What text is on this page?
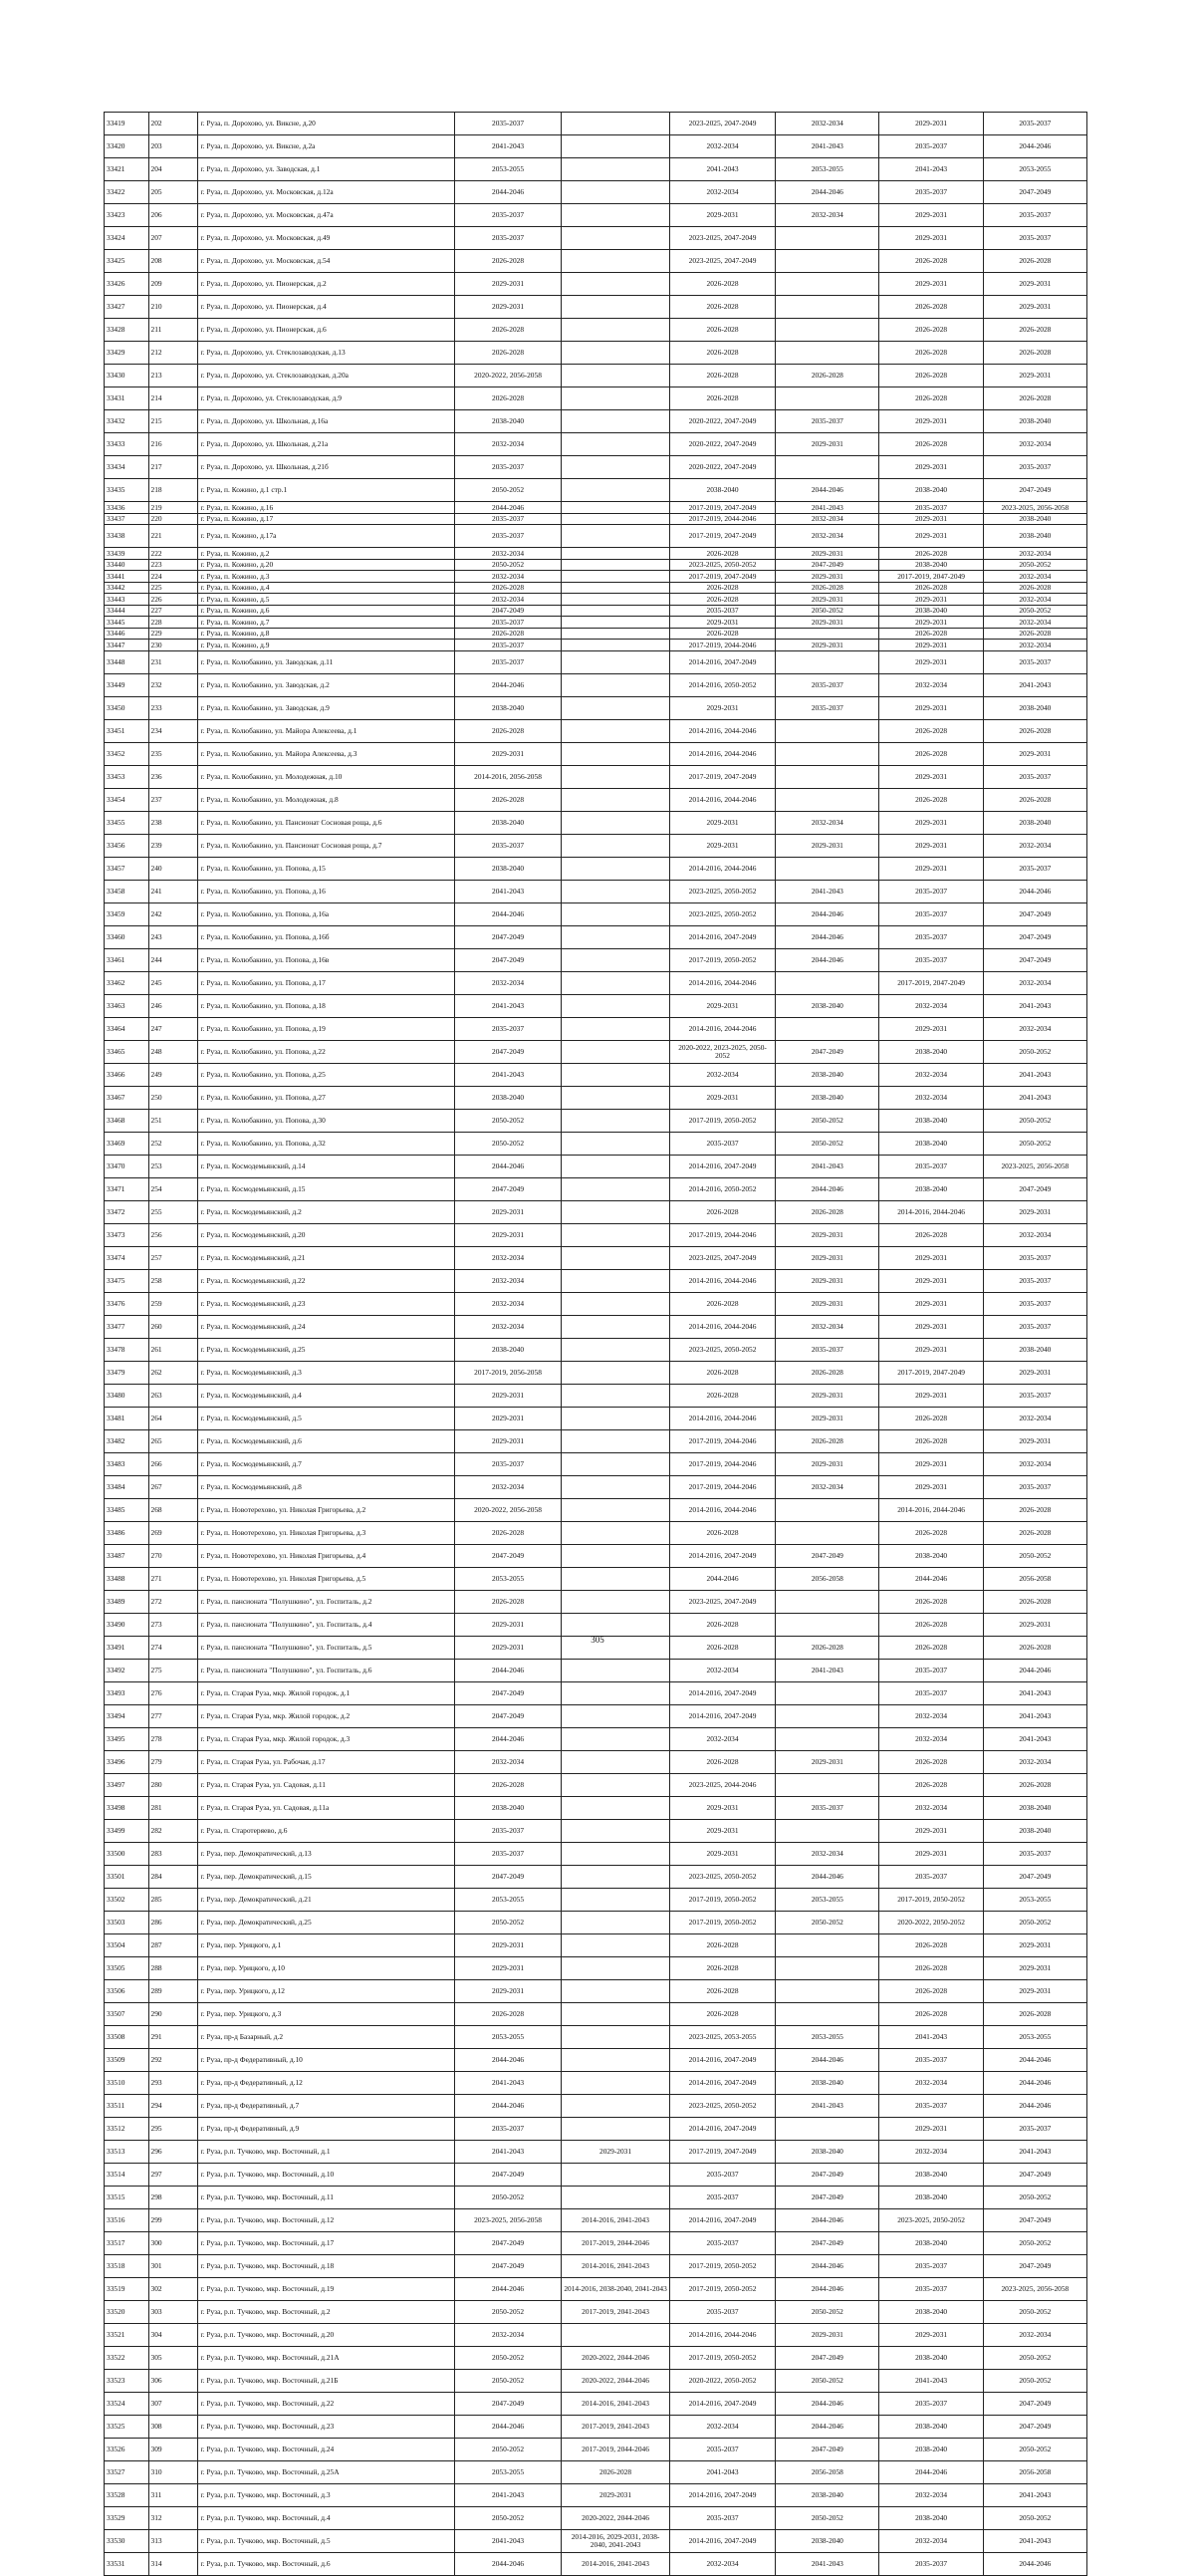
33419	202	г. Руза, п. Дорохово, ул. Виксне, д.20	2035-2037		2023-2025, 2047-2049	2032-2034	2029-2031	2035-2037
33420	203	г. Руза, п. Дорохово, ул. Виксне, д.2а	2041-2043		2032-2034	2041-2043	2035-2037	2044-2046
33421	204	г. Руза, п. Дорохово, ул. Заводская, д.1	2053-2055		2041-2043	2053-2055	2041-2043	2053-2055
33422	205	г. Руза, п. Дорохово, ул. Московская, д.12а	2044-2046		2032-2034	2044-2046	2035-2037	2047-2049
33423	206	г. Руза, п. Дорохово, ул. Московская, д.47а	2035-2037		2029-2031	2032-2034	2029-2031	2035-2037
33424	207	г. Руза, п. Дорохово, ул. Московская, д.49	2035-2037		2023-2025, 2047-2049		2029-2031	2035-2037
33425	208	г. Руза, п. Дорохово, ул. Московская, д.54	2026-2028		2023-2025, 2047-2049		2026-2028	2026-2028
33426	209	г. Руза, п. Дорохово, ул. Пионерская, д.2	2029-2031		2026-2028		2029-2031	2029-2031
33427	210	г. Руза, п. Дорохово, ул. Пионерская, д.4	2029-2031		2026-2028		2026-2028	2029-2031
33428	211	г. Руза, п. Дорохово, ул. Пионерская, д.6	2026-2028		2026-2028		2026-2028	2026-2028
33429	212	г. Руза, п. Дорохово, ул. Стеклозаводская, д.13	2026-2028		2026-2028		2026-2028	2026-2028
33430	213	г. Руза, п. Дорохово, ул. Стеклозаводская, д.20а	2020-2022, 2056-2058		2026-2028	2026-2028	2026-2028	2029-2031
33431	214	г. Руза, п. Дорохово, ул. Стеклозаводская, д.9	2026-2028		2026-2028		2026-2028	2026-2028
33432	215	г. Руза, п. Дорохово, ул. Школьная, д.16а	2038-2040		2020-2022, 2047-2049	2035-2037	2029-2031	2038-2040
33433	216	г. Руза, п. Дорохово, ул. Школьная, д.21а	2032-2034		2020-2022, 2047-2049	2029-2031	2026-2028	2032-2034
33434	217	г. Руза, п. Дорохово, ул. Школьная, д.21б	2035-2037		2020-2022, 2047-2049		2029-2031	2035-2037
33435	218	г. Руза, п. Кожино, д.1 стр.1	2050-2052		2038-2040	2044-2046	2038-2040	2047-2049
33436	219	г. Руза, п. Кожино, д.16	2044-2046		2017-2019, 2047-2049	2041-2043	2035-2037	2023-2025, 2056-2058
33437	220	г. Руза, п. Кожино, д.17	2035-2037		2017-2019, 2044-2046	2032-2034	2029-2031	2038-2040
33438	221	г. Руза, п. Кожино, д.17а	2035-2037		2017-2019, 2047-2049	2032-2034	2029-2031	2038-2040
33439	222	г. Руза, п. Кожино, д.2	2032-2034		2026-2028	2029-2031	2026-2028	2032-2034
33440	223	г. Руза, п. Кожино, д.20	2050-2052		2023-2025, 2050-2052	2047-2049	2038-2040	2050-2052
33441	224	г. Руза, п. Кожино, д.3	2032-2034		2017-2019, 2047-2049	2029-2031	2017-2019, 2047-2049	2032-2034
33442	225	г. Руза, п. Кожино, д.4	2026-2028		2026-2028	2026-2028	2026-2028	2026-2028
33443	226	г. Руза, п. Кожино, д.5	2032-2034		2026-2028	2029-2031	2029-2031	2032-2034
33444	227	г. Руза, п. Кожино, д.6	2047-2049		2035-2037	2050-2052	2038-2040	2050-2052
33445	228	г. Руза, п. Кожино, д.7	2035-2037		2029-2031	2029-2031	2029-2031	2032-2034
33446	229	г. Руза, п. Кожино, д.8	2026-2028		2026-2028		2026-2028	2026-2028
33447	230	г. Руза, п. Кожино, д.9	2035-2037		2017-2019, 2044-2046	2029-2031	2029-2031	2032-2034
33448	231	г. Руза, п. Колюбакино, ул. Заводская, д.11	2035-2037		2014-2016, 2047-2049		2029-2031	2035-2037
33449	232	г. Руза, п. Колюбакино, ул. Заводская, д.2	2044-2046		2014-2016, 2050-2052	2035-2037	2032-2034	2041-2043
33450	233	г. Руза, п. Колюбакино, ул. Заводская, д.9	2038-2040		2029-2031	2035-2037	2029-2031	2038-2040
33451	234	г. Руза, п. Колюбакино, ул. Майора Алексеева, д.1	2026-2028		2014-2016, 2044-2046		2026-2028	2026-2028
33452	235	г. Руза, п. Колюбакино, ул. Майора Алексеева, д.3	2029-2031		2014-2016, 2044-2046		2026-2028	2029-2031
33453	236	г. Руза, п. Колюбакино, ул. Молодежная, д.10	2014-2016, 2056-2058		2017-2019, 2047-2049		2029-2031	2035-2037
33454	237	г. Руза, п. Колюбакино, ул. Молодежная, д.8	2026-2028		2014-2016, 2044-2046		2026-2028	2026-2028
33455	238	г. Руза, п. Колюбакино, ул. Пансионат Сосновая роща, д.6	2038-2040		2029-2031	2032-2034	2029-2031	2038-2040
33456	239	г. Руза, п. Колюбакино, ул. Пансионат Сосновая роща, д.7	2035-2037		2029-2031	2029-2031	2029-2031	2032-2034
33457	240	г. Руза, п. Колюбакино, ул. Попова, д.15	2038-2040		2014-2016, 2044-2046		2029-2031	2035-2037
33458	241	г. Руза, п. Колюбакино, ул. Попова, д.16	2041-2043		2023-2025, 2050-2052	2041-2043	2035-2037	2044-2046
33459	242	г. Руза, п. Колюбакино, ул. Попова, д.16а	2044-2046		2023-2025, 2050-2052	2044-2046	2035-2037	2047-2049
33460	243	г. Руза, п. Колюбакино, ул. Попова, д.16б	2047-2049		2014-2016, 2047-2049	2044-2046	2035-2037	2047-2049
33461	244	г. Руза, п. Колюбакино, ул. Попова, д.16в	2047-2049		2017-2019, 2050-2052	2044-2046	2035-2037	2047-2049
33462	245	г. Руза, п. Колюбакино, ул. Попова, д.17	2032-2034		2014-2016, 2044-2046		2017-2019, 2047-2049	2032-2034
33463	246	г. Руза, п. Колюбакино, ул. Попова, д.18	2041-2043		2029-2031	2038-2040	2032-2034	2041-2043
33464	247	г. Руза, п. Колюбакино, ул. Попова, д.19	2035-2037		2014-2016, 2044-2046		2029-2031	2032-2034
33465	248	г. Руза, п. Колюбакино, ул. Попова, д.22	2047-2049		2020-2022, 2023-2025, 2050-2052	2047-2049	2038-2040	2050-2052
33466	249	г. Руза, п. Колюбакино, ул. Попова, д.25	2041-2043		2032-2034	2038-2040	2032-2034	2041-2043
33467	250	г. Руза, п. Колюбакино, ул. Попова, д.27	2038-2040		2029-2031	2038-2040	2032-2034	2041-2043
33468	251	г. Руза, п. Колюбакино, ул. Попова, д.30	2050-2052		2017-2019, 2050-2052	2050-2052	2038-2040	2050-2052
33469	252	г. Руза, п. Колюбакино, ул. Попова, д.32	2050-2052		2035-2037	2050-2052	2038-2040	2050-2052
33470	253	г. Руза, п. Космодемьянский, д.14	2044-2046		2014-2016, 2047-2049	2041-2043	2035-2037	2023-2025, 2056-2058
33471	254	г. Руза, п. Космодемьянский, д.15	2047-2049		2014-2016, 2050-2052	2044-2046	2038-2040	2047-2049
33472	255	г. Руза, п. Космодемьянский, д.2	2029-2031		2026-2028	2026-2028	2014-2016, 2044-2046	2029-2031
33473	256	г. Руза, п. Космодемьянский, д.20	2029-2031		2017-2019, 2044-2046	2029-2031	2026-2028	2032-2034
33474	257	г. Руза, п. Космодемьянский, д.21	2032-2034		2023-2025, 2047-2049	2029-2031	2029-2031	2035-2037
33475	258	г. Руза, п. Космодемьянский, д.22	2032-2034		2014-2016, 2044-2046	2029-2031	2029-2031	2035-2037
33476	259	г. Руза, п. Космодемьянский, д.23	2032-2034		2026-2028	2029-2031	2029-2031	2035-2037
33477	260	г. Руза, п. Космодемьянский, д.24	2032-2034		2014-2016, 2044-2046	2032-2034	2029-2031	2035-2037
33478	261	г. Руза, п. Космодемьянский, д.25	2038-2040		2023-2025, 2050-2052	2035-2037	2029-2031	2038-2040
33479	262	г. Руза, п. Космодемьянский, д.3	2017-2019, 2056-2058		2026-2028	2026-2028	2017-2019, 2047-2049	2029-2031
33480	263	г. Руза, п. Космодемьянский, д.4	2029-2031		2026-2028	2029-2031	2029-2031	2035-2037
33481	264	г. Руза, п. Космодемьянский, д.5	2029-2031		2014-2016, 2044-2046	2029-2031	2026-2028	2032-2034
33482	265	г. Руза, п. Космодемьянский, д.6	2029-2031		2017-2019, 2044-2046	2026-2028	2026-2028	2029-2031
33483	266	г. Руза, п. Космодемьянский, д.7	2035-2037		2017-2019, 2044-2046	2029-2031	2029-2031	2032-2034
33484	267	г. Руза, п. Космодемьянский, д.8	2032-2034		2017-2019, 2044-2046	2032-2034	2029-2031	2035-2037
33485	268	г. Руза, п. Новотерехово, ул. Николая Григорьева, д.2	2020-2022, 2056-2058		2014-2016, 2044-2046		2014-2016, 2044-2046	2026-2028
33486	269	г. Руза, п. Новотерехово, ул. Николая Григорьева, д.3	2026-2028		2026-2028		2026-2028	2026-2028
33487	270	г. Руза, п. Новотерехово, ул. Николая Григорьева, д.4	2047-2049		2014-2016, 2047-2049	2047-2049	2038-2040	2050-2052
33488	271	г. Руза, п. Новотерехово, ул. Николая Григорьева, д.5	2053-2055		2044-2046	2056-2058	2044-2046	2056-2058
33489	272	г. Руза, п. пансионата "Полушкино", ул. Госпиталь, д.2	2026-2028		2023-2025, 2047-2049		2026-2028	2026-2028
33490	273	г. Руза, п. пансионата "Полушкино", ул. Госпиталь, д.4	2029-2031		2026-2028		2026-2028	2029-2031
33491	274	г. Руза, п. пансионата "Полушкино", ул. Госпиталь, д.5	2029-2031		2026-2028	2026-2028	2026-2028	2026-2028
33492	275	г. Руза, п. пансионата "Полушкино", ул. Госпиталь, д.6	2044-2046		2032-2034	2041-2043	2035-2037	2044-2046
33493	276	г. Руза, п. Старая Руза, мкр. Жилой городок, д.1	2047-2049		2014-2016, 2047-2049		2035-2037	2041-2043
33494	277	г. Руза, п. Старая Руза, мкр. Жилой городок, д.2	2047-2049		2014-2016, 2047-2049		2032-2034	2041-2043
33495	278	г. Руза, п. Старая Руза, мкр. Жилой городок, д.3	2044-2046		2032-2034		2032-2034	2041-2043
33496	279	г. Руза, п. Старая Руза, ул. Рабочая, д.17	2032-2034		2026-2028	2029-2031	2026-2028	2032-2034
33497	280	г. Руза, п. Старая Руза, ул. Садовая, д.11	2026-2028		2023-2025, 2044-2046		2026-2028	2026-2028
33498	281	г. Руза, п. Старая Руза, ул. Садовая, д.11а	2038-2040		2029-2031	2035-2037	2032-2034	2038-2040
33499	282	г. Руза, п. Старотеряево, д.6	2035-2037		2029-2031		2029-2031	2038-2040
33500	283	г. Руза, пер. Демократический, д.13	2035-2037		2029-2031	2032-2034	2029-2031	2035-2037
33501	284	г. Руза, пер. Демократический, д.15	2047-2049		2023-2025, 2050-2052	2044-2046	2035-2037	2047-2049
33502	285	г. Руза, пер. Демократический, д.21	2053-2055		2017-2019, 2050-2052	2053-2055	2017-2019, 2050-2052	2053-2055
33503	286	г. Руза, пер. Демократический, д.25	2050-2052		2017-2019, 2050-2052	2050-2052	2020-2022, 2050-2052	2050-2052
33504	287	г. Руза, пер. Урицкого, д.1	2029-2031		2026-2028		2026-2028	2029-2031
33505	288	г. Руза, пер. Урицкого, д.10	2029-2031		2026-2028		2026-2028	2029-2031
33506	289	г. Руза, пер. Урицкого, д.12	2029-2031		2026-2028		2026-2028	2029-2031
33507	290	г. Руза, пер. Урицкого, д.3	2026-2028		2026-2028		2026-2028	2026-2028
33508	291	г. Руза, пр-д Базарный, д.2	2053-2055		2023-2025, 2053-2055	2053-2055	2041-2043	2053-2055
33509	292	г. Руза, пр-д Федеративный, д.10	2044-2046		2014-2016, 2047-2049	2044-2046	2035-2037	2044-2046
33510	293	г. Руза, пр-д Федеративный, д.12	2041-2043		2014-2016, 2047-2049	2038-2040	2032-2034	2044-2046
33511	294	г. Руза, пр-д Федеративный, д.7	2044-2046		2023-2025, 2050-2052	2041-2043	2035-2037	2044-2046
33512	295	г. Руза, пр-д Федеративный, д.9	2035-2037		2014-2016, 2047-2049		2029-2031	2035-2037
33513	296	г. Руза, р.п. Тучково, мкр. Восточный, д.1	2041-2043	2029-2031	2017-2019, 2047-2049	2038-2040	2032-2034	2041-2043
33514	297	г. Руза, р.п. Тучково, мкр. Восточный, д.10	2047-2049		2035-2037	2047-2049	2038-2040	2047-2049
33515	298	г. Руза, р.п. Тучково, мкр. Восточный, д.11	2050-2052		2035-2037	2047-2049	2038-2040	2050-2052
33516	299	г. Руза, р.п. Тучково, мкр. Восточный, д.12	2023-2025, 2056-2058	2014-2016, 2041-2043	2014-2016, 2047-2049	2044-2046	2023-2025, 2050-2052	2047-2049
33517	300	г. Руза, р.п. Тучково, мкр. Восточный, д.17	2047-2049	2017-2019, 2044-2046	2035-2037	2047-2049	2038-2040	2050-2052
33518	301	г. Руза, р.п. Тучково, мкр. Восточный, д.18	2047-2049	2014-2016, 2041-2043	2017-2019, 2050-2052	2044-2046	2035-2037	2047-2049
33519	302	г. Руза, р.п. Тучково, мкр. Восточный, д.19	2044-2046	2014-2016, 2038-2040, 2041-2043	2017-2019, 2050-2052	2044-2046	2035-2037	2023-2025, 2056-2058
33520	303	г. Руза, р.п. Тучково, мкр. Восточный, д.2	2050-2052	2017-2019, 2041-2043	2035-2037	2050-2052	2038-2040	2050-2052
33521	304	г. Руза, р.п. Тучково, мкр. Восточный, д.20	2032-2034		2014-2016, 2044-2046	2029-2031	2029-2031	2032-2034
33522	305	г. Руза, р.п. Тучково, мкр. Восточный, д.21А	2050-2052	2020-2022, 2044-2046	2017-2019, 2050-2052	2047-2049	2038-2040	2050-2052
33523	306	г. Руза, р.п. Тучково, мкр. Восточный, д.21Б	2050-2052	2020-2022, 2044-2046	2020-2022, 2050-2052	2050-2052	2041-2043	2050-2052
33524	307	г. Руза, р.п. Тучково, мкр. Восточный, д.22	2047-2049	2014-2016, 2041-2043	2014-2016, 2047-2049	2044-2046	2035-2037	2047-2049
33525	308	г. Руза, р.п. Тучково, мкр. Восточный, д.23	2044-2046	2017-2019, 2041-2043	2032-2034	2044-2046	2038-2040	2047-2049
33526	309	г. Руза, р.п. Тучково, мкр. Восточный, д.24	2050-2052	2017-2019, 2044-2046	2035-2037	2047-2049	2038-2040	2050-2052
33527	310	г. Руза, р.п. Тучково, мкр. Восточный, д.25А	2053-2055	2026-2028	2041-2043	2056-2058	2044-2046	2056-2058
33528	311	г. Руза, р.п. Тучково, мкр. Восточный, д.3	2041-2043	2029-2031	2014-2016, 2047-2049	2038-2040	2032-2034	2041-2043
33529	312	г. Руза, р.п. Тучково, мкр. Восточный, д.4	2050-2052	2020-2022, 2044-2046	2035-2037	2050-2052	2038-2040	2050-2052
33530	313	г. Руза, р.п. Тучково, мкр. Восточный, д.5	2041-2043	2014-2016, 2029-2031, 2038-2040, 2041-2043	2014-2016, 2047-2049	2038-2040	2032-2034	2041-2043
33531	314	г. Руза, р.п. Тучково, мкр. Восточный, д.6	2044-2046	2014-2016, 2041-2043	2032-2034	2041-2043	2035-2037	2044-2046
305
